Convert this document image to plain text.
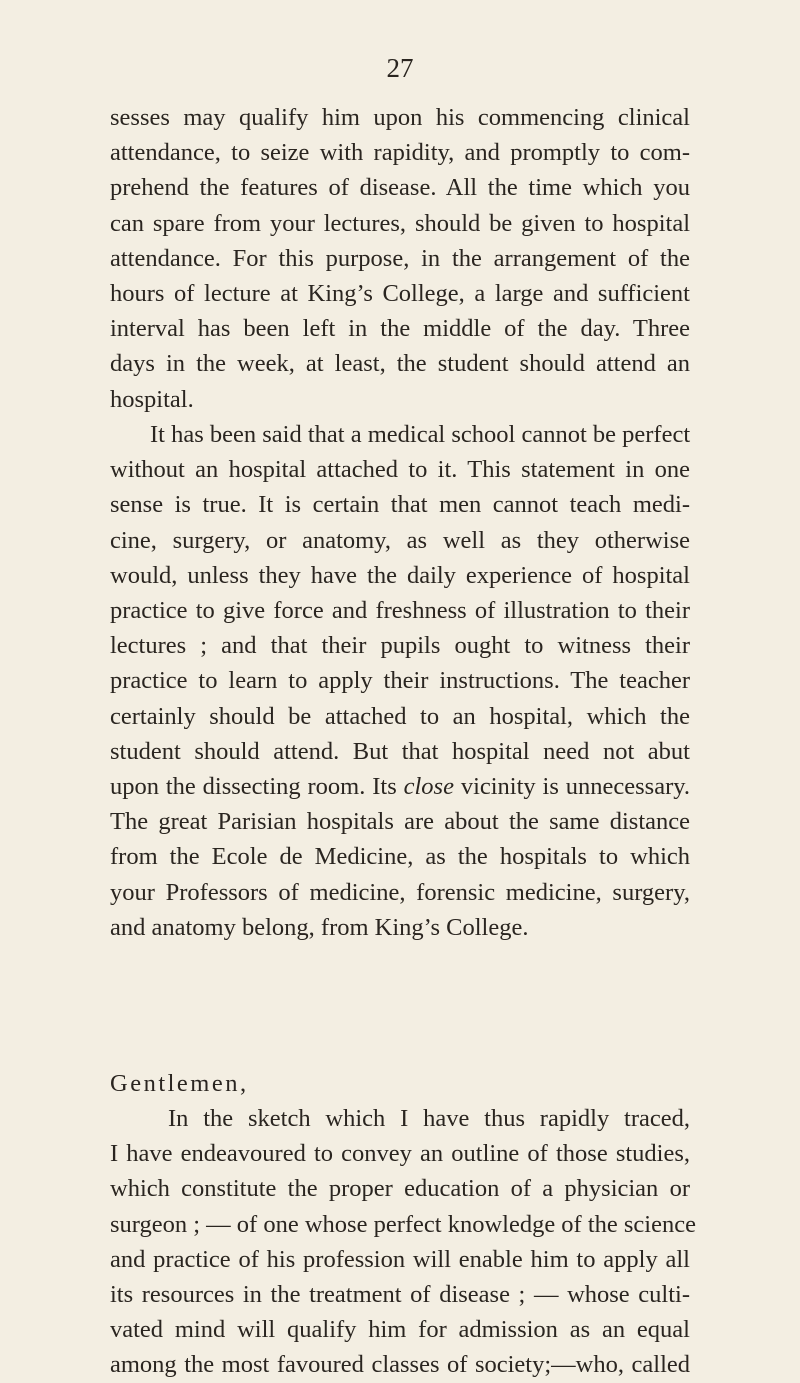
27
sesses may qualify him upon his commencing clinical
attendance, to seize with rapidity, and promptly to com-
prehend the features of disease. All the time which you
can spare from your lectures, should be given to hospital
attendance. For this purpose, in the arrangement of the
hours of lecture at King’s College, a large and sufficient
interval has been left in the middle of the day. Three
days in the week, at least, the student should attend an
hospital.
It has been said that a medical school cannot be perfect
without an hospital attached to it. This statement in one
sense is true. It is certain that men cannot teach medi-
cine, surgery, or anatomy, as well as they otherwise
would, unless they have the daily experience of hospital
practice to give force and freshness of illustration to their
lectures ; and that their pupils ought to witness their
practice to learn to apply their instructions. The teacher
certainly should be attached to an hospital, which the
student should attend. But that hospital need not abut
upon the dissecting room. Its close vicinity is unnecessary.
The great Parisian hospitals are about the same distance
from the Ecole de Medicine, as the hospitals to which
your Professors of medicine, forensic medicine, surgery,
and anatomy belong, from King’s College.
Gentlemen,
In the sketch which I have thus rapidly traced,
I have endeavoured to convey an outline of those studies,
which constitute the proper education of a physician or
surgeon ; — of one whose perfect knowledge of the science
and practice of his profession will enable him to apply all
its resources in the treatment of disease ; — whose culti-
vated mind will qualify him for admission as an equal
among the most favoured classes of society;—who, called
